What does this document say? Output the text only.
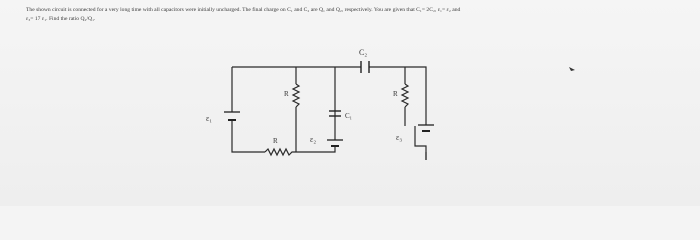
The shown circuit is connected for a very long time with all capacitors were initially uncharged. The final charge on C₁ and C₂ are Q₁ and Q₂, respectively. You are given that C₁= 2C₂, ε₁= ε₂ and

ε₃= 17 ε₁. Find the ratio Q₂/Q₁.

C₂
R	R
R
C₁
ε₁
ε₂	ε₃
